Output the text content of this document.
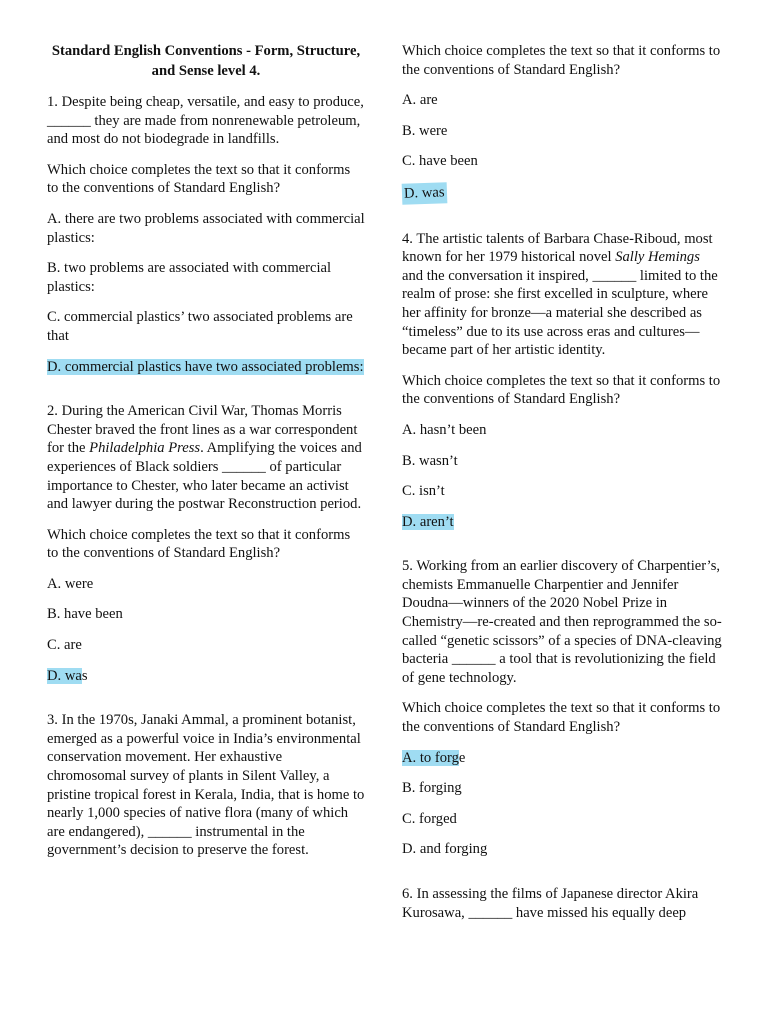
Standard English Conventions - Form, Structure, and Sense level 4.

1. Despite being cheap, versatile, and easy to produce, ______ they are made from nonrenewable petroleum, and most do not biodegrade in landfills.

Which choice completes the text so that it conforms to the conventions of Standard English?

A. there are two problems associated with commercial plastics:

B. two problems are associated with commercial plastics:

C. commercial plastics’ two associated problems are that

D. commercial plastics have two associated problems:

2. During the American Civil War, Thomas Morris Chester braved the front lines as a war correspondent for the Philadelphia Press. Amplifying the voices and experiences of Black soldiers ______ of particular importance to Chester, who later became an activist and lawyer during the postwar Reconstruction period.

Which choice completes the text so that it conforms to the conventions of Standard English?

A. were

B. have been

C. are

D. was

3. In the 1970s, Janaki Ammal, a prominent botanist, emerged as a powerful voice in India’s environmental conservation movement. Her exhaustive chromosomal survey of plants in Silent Valley, a pristine tropical forest in Kerala, India, that is home to nearly 1,000 species of native flora (many of which are endangered), ______ instrumental in the government’s decision to preserve the forest.

Which choice completes the text so that it conforms to the conventions of Standard English?

A. are

B. were

C. have been

D. was

4. The artistic talents of Barbara Chase-Riboud, most known for her 1979 historical novel Sally Hemings and the conversation it inspired, ______ limited to the realm of prose: she first excelled in sculpture, where her affinity for bronze—a material she described as “timeless” due to its use across eras and cultures—became part of her artistic identity.

Which choice completes the text so that it conforms to the conventions of Standard English?

A. hasn’t been

B. wasn’t

C. isn’t

D. aren’t

5. Working from an earlier discovery of Charpentier’s, chemists Emmanuelle Charpentier and Jennifer Doudna—winners of the 2020 Nobel Prize in Chemistry—re-created and then reprogrammed the so-called “genetic scissors” of a species of DNA-cleaving bacteria ______ a tool that is revolutionizing the field of gene technology.

Which choice completes the text so that it conforms to the conventions of Standard English?

A. to forge

B. forging

C. forged

D. and forging

6. In assessing the films of Japanese director Akira Kurosawa, ______ have missed his equally deep
